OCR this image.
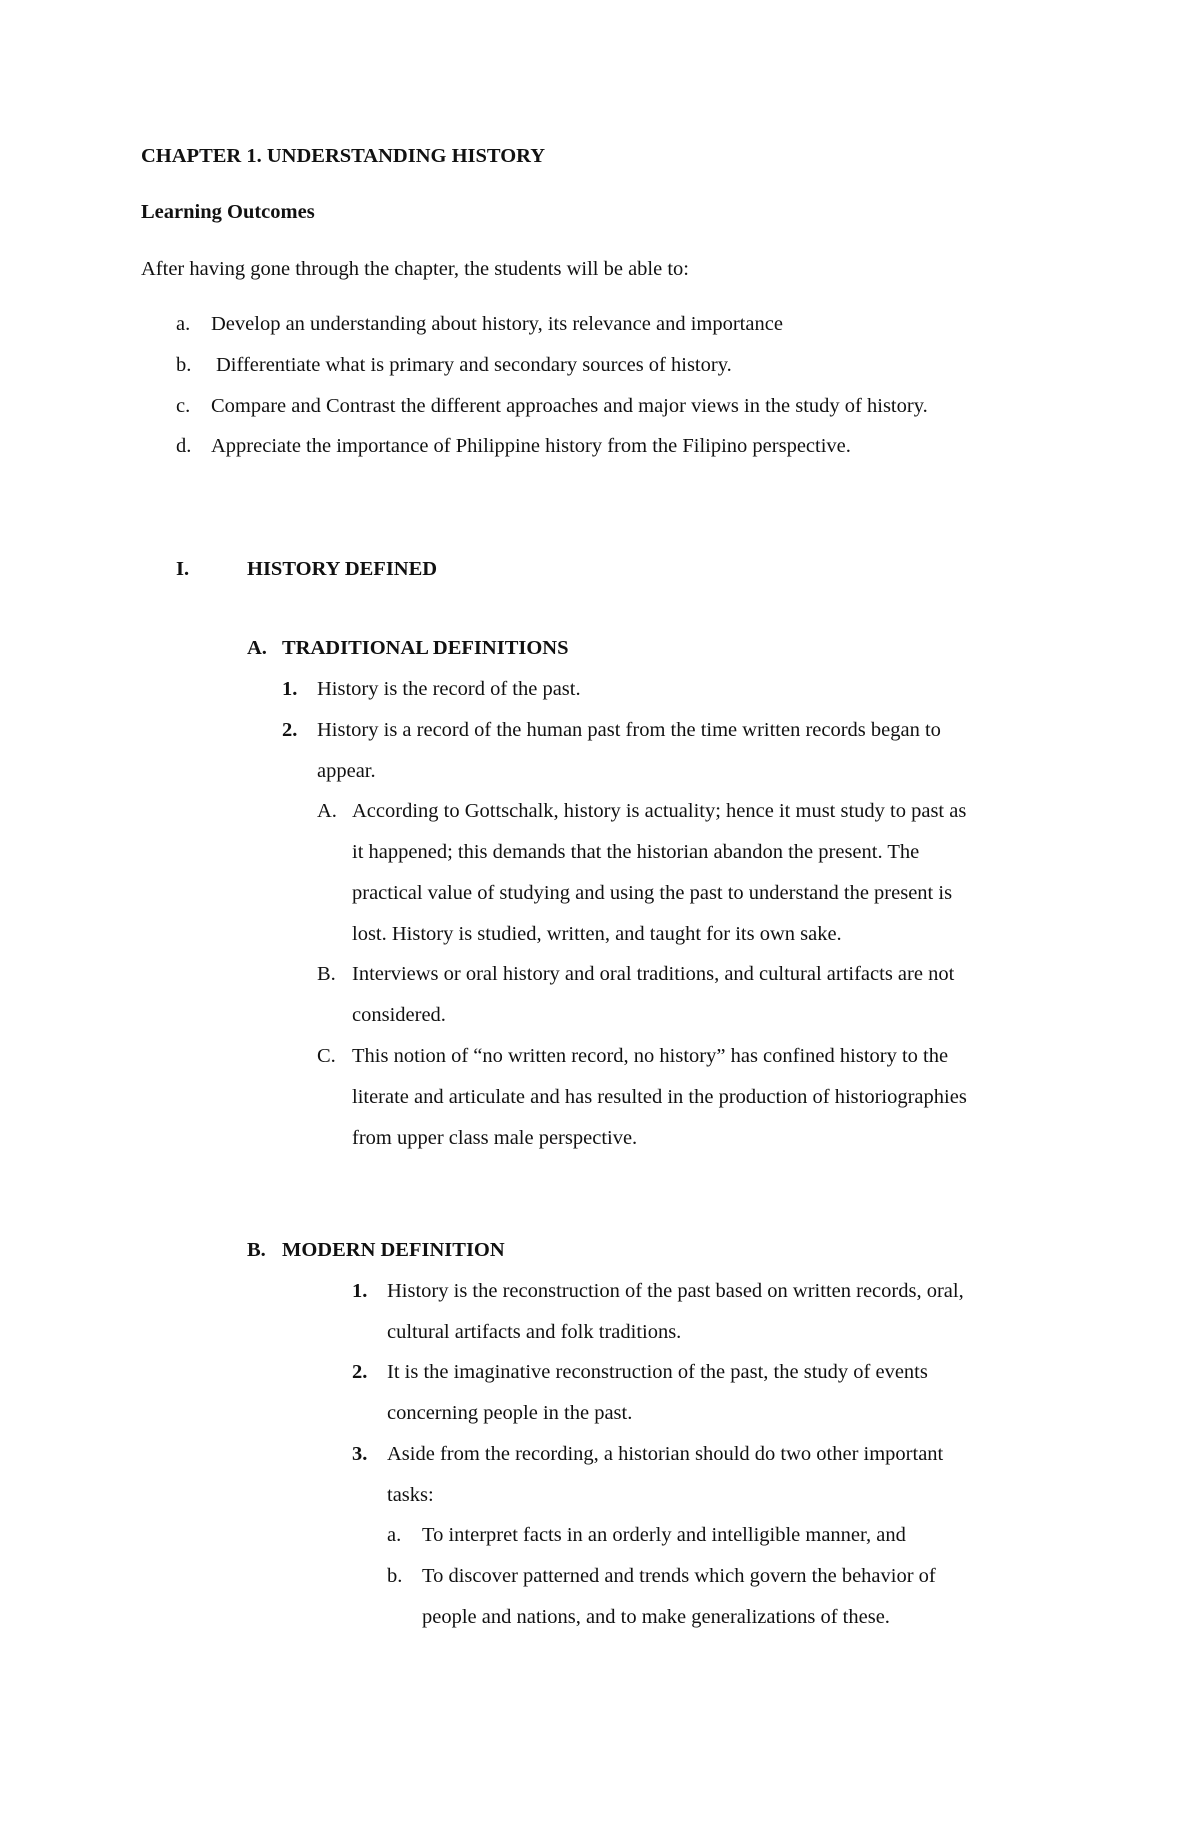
CHAPTER 1. UNDERSTANDING HISTORY
Learning Outcomes
After having gone through the chapter, the students will be able to:
a. Develop an understanding about history, its relevance and importance
b. Differentiate what is primary and secondary sources of history.
c. Compare and Contrast the different approaches and major views in the study of history.
d. Appreciate the importance of Philippine history from the Filipino perspective.
I.	HISTORY DEFINED
A. TRADITIONAL DEFINITIONS
1. History is the record of the past.
2. History is a record of the human past from the time written records began to
appear.
A. According to Gottschalk, history is actuality; hence it must study to past as
it happened; this demands that the historian abandon the present. The
practical value of studying and using the past to understand the present is
lost. History is studied, written, and taught for its own sake.
B. Interviews or oral history and oral traditions, and cultural artifacts are not
considered.
C. This notion of “no written record, no history” has confined history to the
literate and articulate and has resulted in the production of historiographies
from upper class male perspective.
B. MODERN DEFINITION
1. History is the reconstruction of the past based on written records, oral,
cultural artifacts and folk traditions.
2. It is the imaginative reconstruction of the past, the study of events
concerning people in the past.
3. Aside from the recording, a historian should do two other important
tasks:
a. To interpret facts in an orderly and intelligible manner, and
b. To discover patterned and trends which govern the behavior of
people and nations, and to make generalizations of these.
